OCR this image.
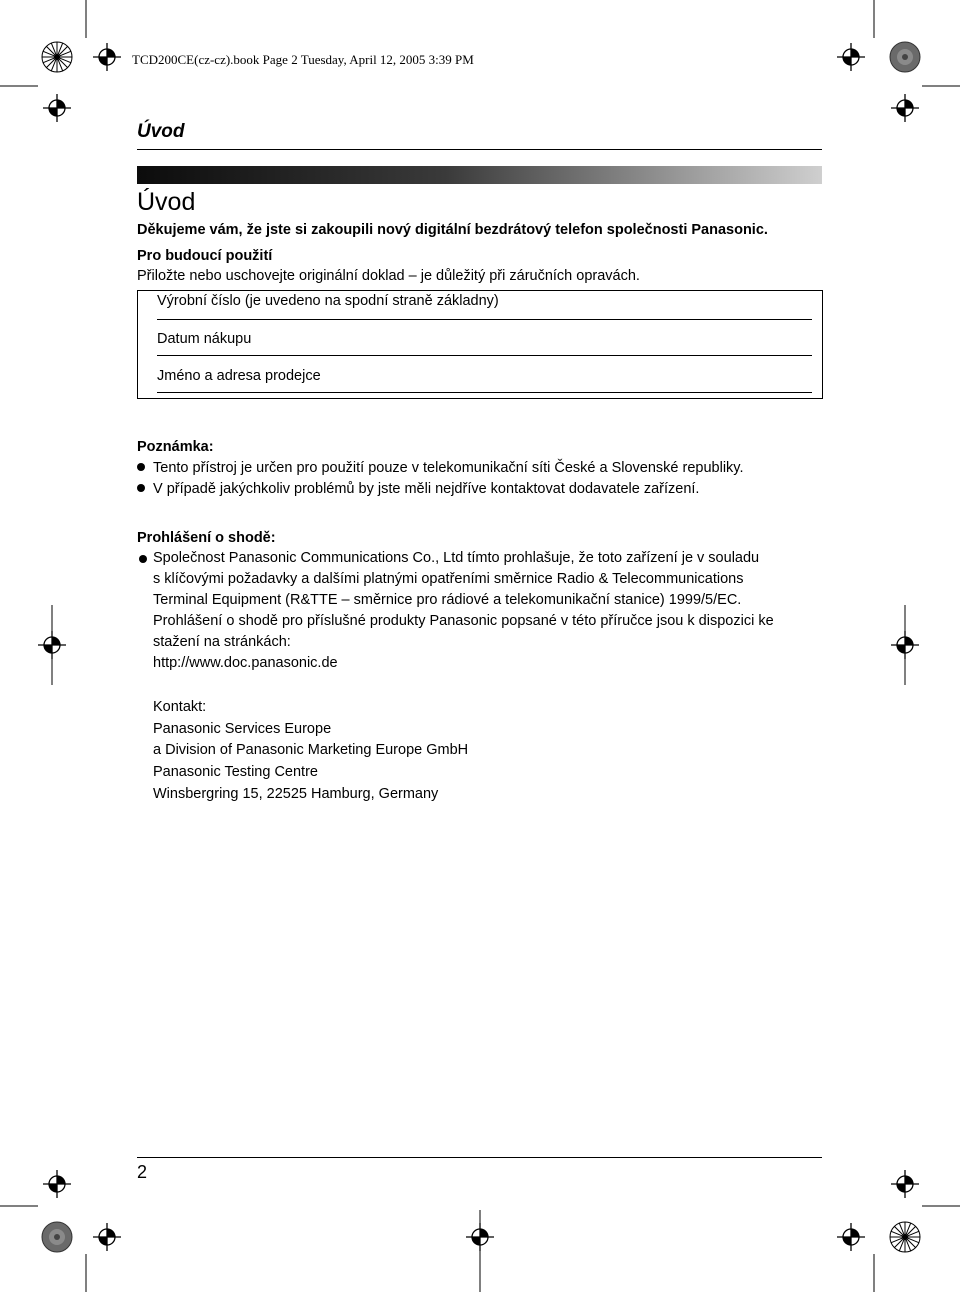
TCD200CE(cz-cz).book Page 2 Tuesday, April 12, 2005 3:39 PM
Úvod
Úvod
Děkujeme vám, že jste si zakoupili nový digitální bezdrátový telefon společnosti Panasonic.
Pro budoucí použití
Přiložte nebo uschovejte originální doklad – je důležitý při záručních opravách.
Výrobní číslo (je uvedeno na spodní straně základny)
Datum nákupu
Jméno a adresa prodejce
Poznámka:
Tento přístroj je určen pro použití pouze v telekomunikační síti České a Slovenské republiky.
V případě jakýchkoliv problémů by jste měli nejdříve kontaktovat dodavatele zařízení.
Prohlášení o shodě:
Společnost Panasonic Communications Co., Ltd tímto prohlašuje, že toto zařízení je v souladu
s klíčovými požadavky a dalšími platnými opatřeními směrnice Radio & Telecommunications
Terminal Equipment (R&TTE – směrnice pro rádiové a telekomunikační stanice) 1999/5/EC.
Prohlášení o shodě pro příslušné produkty Panasonic popsané v této příručce jsou k dispozici ke
stažení na stránkách:
http://www.doc.panasonic.de
Kontakt:
Panasonic Services Europe
a Division of Panasonic Marketing Europe GmbH
Panasonic Testing Centre
Winsbergring 15, 22525 Hamburg, Germany
2
